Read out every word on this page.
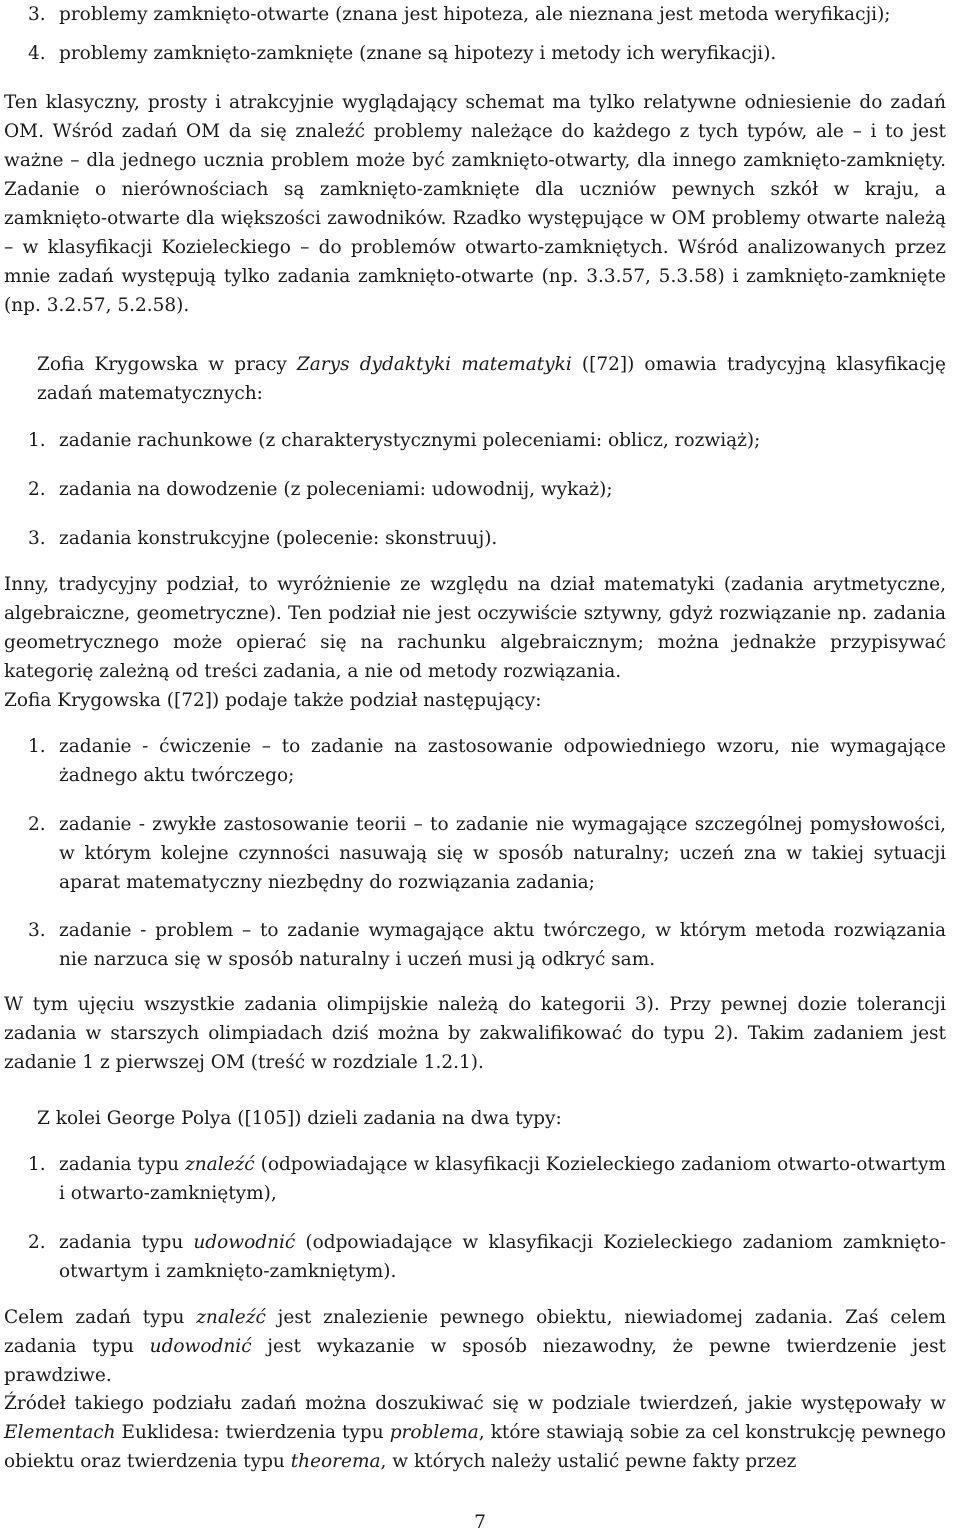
3. problemy zamknięto-otwarte (znana jest hipoteza, ale nieznana jest metoda weryfikacji);
4. problemy zamknięto-zamknięte (znane są hipotezy i metody ich weryfikacji).
Ten klasyczny, prosty i atrakcyjnie wyglądający schemat ma tylko relatywne odniesienie do zadań OM. Wśród zadań OM da się znaleźć problemy należące do każdego z tych typów, ale – i to jest ważne – dla jednego ucznia problem może być zamknięto-otwarty, dla innego zamknięto-zamknięty. Zadanie o nierównościach są zamknięto-zamknięte dla uczniów pewnych szkół w kraju, a zamknięto-otwarte dla większości zawodników. Rzadko występujące w OM problemy otwarte należą – w klasyfikacji Kozieleckiego – do problemów otwarto-zamkniętych. Wśród analizowanych przez mnie zadań występują tylko zadania zamknięto-otwarte (np. 3.3.57, 5.3.58) i zamknięto-zamknięte (np. 3.2.57, 5.2.58).
Zofia Krygowska w pracy Zarys dydaktyki matematyki ([72]) omawia tradycyjną klasyfikację zadań matematycznych:
1. zadanie rachunkowe (z charakterystycznymi poleceniami: oblicz, rozwiąż);
2. zadania na dowodzenie (z poleceniami: udowodnij, wykaż);
3. zadania konstrukcyjne (polecenie: skonstruuj).
Inny, tradycyjny podział, to wyróżnienie ze względu na dział matematyki (zadania arytmetyczne, algebraiczne, geometryczne). Ten podział nie jest oczywiście sztywny, gdyż rozwiązanie np. zadania geometrycznego może opierać się na rachunku algebraicznym; można jednakże przypisywać kategorię zależną od treści zadania, a nie od metody rozwiązania.
Zofia Krygowska ([72]) podaje także podział następujący:
1. zadanie - ćwiczenie – to zadanie na zastosowanie odpowiedniego wzoru, nie wymagające żadnego aktu twórczego;
2. zadanie - zwykłe zastosowanie teorii – to zadanie nie wymagające szczególnej pomysłowości, w którym kolejne czynności nasuwają się w sposób naturalny; uczeń zna w takiej sytuacji aparat matematyczny niezbędny do rozwiązania zadania;
3. zadanie - problem – to zadanie wymagające aktu twórczego, w którym metoda rozwiązania nie narzuca się w sposób naturalny i uczeń musi ją odkryć sam.
W tym ujęciu wszystkie zadania olimpijskie należą do kategorii 3). Przy pewnej dozie tolerancji zadania w starszych olimpiadach dziś można by zakwalifikować do typu 2). Takim zadaniem jest zadanie 1 z pierwszej OM (treść w rozdziale 1.2.1).
Z kolei George Polya ([105]) dzieli zadania na dwa typy:
1. zadania typu znaleźć (odpowiadające w klasyfikacji Kozieleckiego zadaniom otwarto-otwartym i otwarto-zamkniętym),
2. zadania typu udowodnić (odpowiadające w klasyfikacji Kozieleckiego zadaniom zamknięto-otwartym i zamknięto-zamkniętym).
Celem zadań typu znaleźć jest znalezienie pewnego obiektu, niewiadomej zadania. Zaś celem zadania typu udowodnić jest wykazanie w sposób niezawodny, że pewne twierdzenie jest prawdziwe.
Źródeł takiego podziału zadań można doszukiwać się w podziale twierdzeń, jakie występowały w Elementach Euklidesa: twierdzenia typu problema, które stawiają sobie za cel konstrukcję pewnego obiektu oraz twierdzenia typu theorema, w których należy ustalić pewne fakty przez
7
